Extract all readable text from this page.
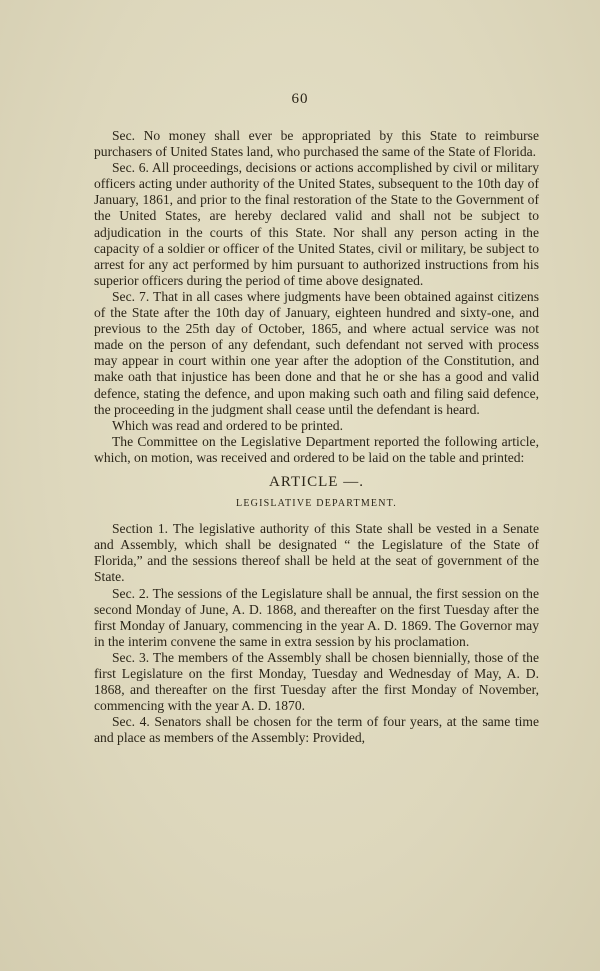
60

Sec. No money shall ever be appropriated by this State to reimburse purchasers of United States land, who purchased the same of the State of Florida.

Sec. 6. All proceedings, decisions or actions accomplished by civil or military officers acting under authority of the United States, subsequent to the 10th day of January, 1861, and prior to the final restoration of the State to the Government of the United States, are hereby declared valid and shall not be subject to adjudication in the courts of this State. Nor shall any person acting in the capacity of a soldier or officer of the United States, civil or military, be subject to arrest for any act performed by him pursuant to authorized instructions from his superior officers during the period of time above designated.

Sec. 7. That in all cases where judgments have been obtained against citizens of the State after the 10th day of January, eighteen hundred and sixty-one, and previous to the 25th day of October, 1865, and where actual service was not made on the person of any defendant, such defendant not served with process may appear in court within one year after the adoption of the Constitution, and make oath that injustice has been done and that he or she has a good and valid defence, stating the defence, and upon making such oath and filing said defence, the proceeding in the judgment shall cease until the defendant is heard.

Which was read and ordered to be printed.

The Committee on the Legislative Department reported the following article, which, on motion, was received and ordered to be laid on the table and printed:

ARTICLE —.

LEGISLATIVE DEPARTMENT.

Section 1. The legislative authority of this State shall be vested in a Senate and Assembly, which shall be designated “ the Legislature of the State of Florida,” and the sessions thereof shall be held at the seat of government of the State.

Sec. 2. The sessions of the Legislature shall be annual, the first session on the second Monday of June, A. D. 1868, and thereafter on the first Tuesday after the first Monday of January, commencing in the year A. D. 1869. The Governor may in the interim convene the same in extra session by his proclamation.

Sec. 3. The members of the Assembly shall be chosen biennially, those of the first Legislature on the first Monday, Tuesday and Wednesday of May, A. D. 1868, and thereafter on the first Tuesday after the first Monday of November, commencing with the year A. D. 1870.

Sec. 4. Senators shall be chosen for the term of four years, at the same time and place as members of the Assembly: Provided,
